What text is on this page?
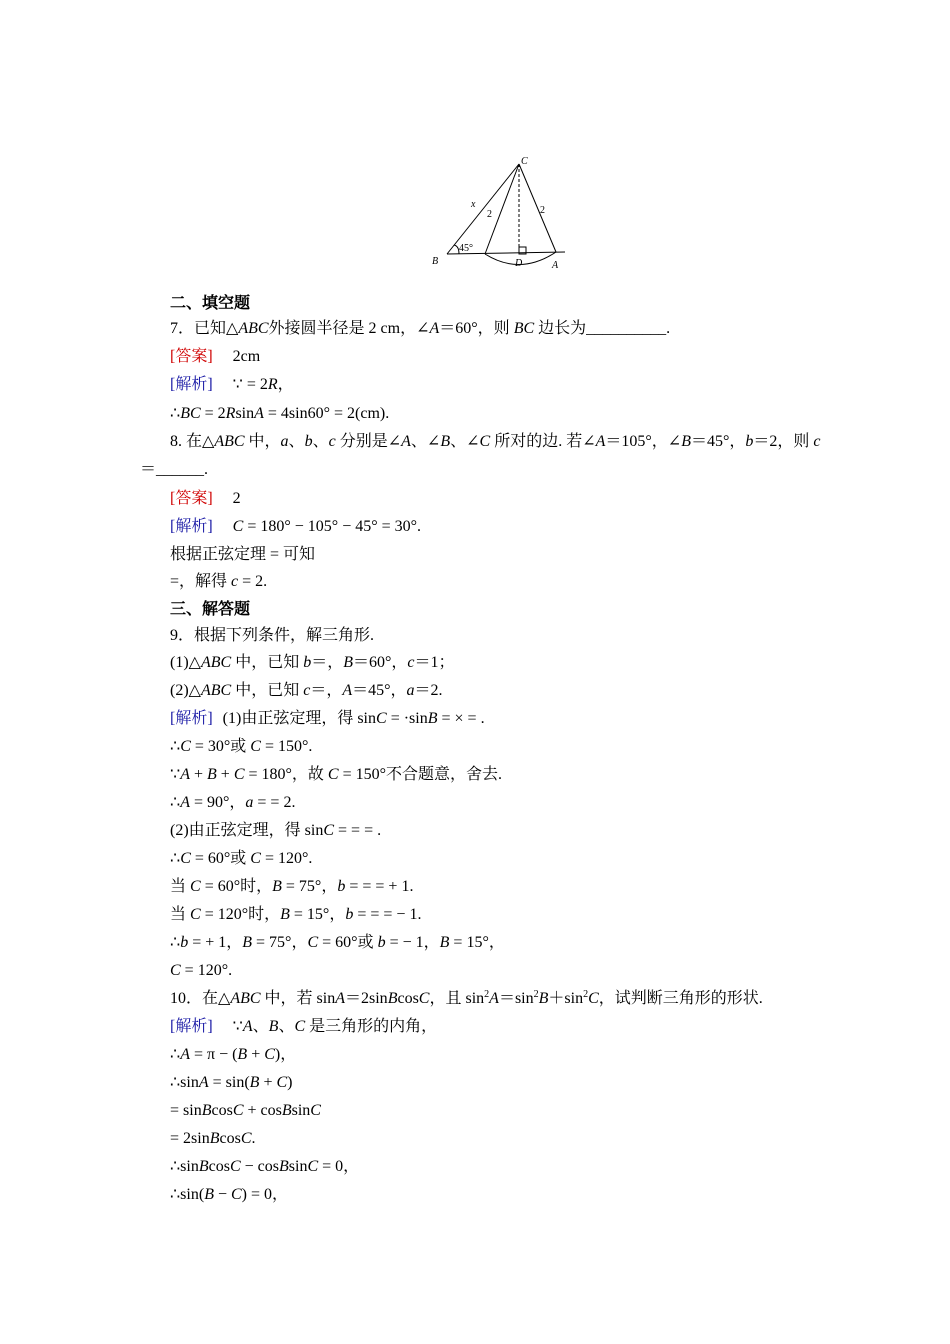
C
B	D	A
x
2	2
45°
二、填空题
7．已知△ABC外接圆半径是 2 cm，∠A＝60°，则 BC 边长为__________.
[答案] 2cm
[解析] ∵ = 2R，
∴BC = 2RsinA = 4sin60° = 2(cm).
8. 在△ABC 中，a、b、c 分别是∠A、∠B、∠C 所对的边. 若∠A＝105°，∠B＝45°，b＝2，则 c
＝______.
[答案] 2
[解析] C = 180° − 105° − 45° = 30°.
根据正弦定理 = 可知
=，解得 c = 2.
三、解答题
9．根据下列条件，解三角形.
(1)△ABC 中，已知 b＝，B＝60°，c＝1；
(2)△ABC 中，已知 c＝，A＝45°，a＝2.
[解析] (1)由正弦定理，得 sinC = ·sinB = × = .
∴C = 30°或 C = 150°.
∵A + B + C = 180°，故 C = 150°不合题意，舍去.
∴A = 90°，a = = 2.
(2)由正弦定理，得 sinC = = = .
∴C = 60°或 C = 120°.
当 C = 60°时，B = 75°，b = = = + 1.
当 C = 120°时，B = 15°，b = = = − 1.
∴b = + 1，B = 75°，C = 60°或 b = − 1，B = 15°，
C = 120°.
10．在△ABC 中，若 sinA＝2sinBcosC，且 $\sin^2A=\sin^2B+\sin^2C$，试判断三角形的形状.
[解析] ∵A、B、C 是三角形的内角，
∴A = π − (B + C)，
∴sinA = sin(B + C)
= sinBcosC + cosBsinC
= 2sinBcosC.
∴sinBcosC − cosBsinC = 0，
∴sin(B − C) = 0，
